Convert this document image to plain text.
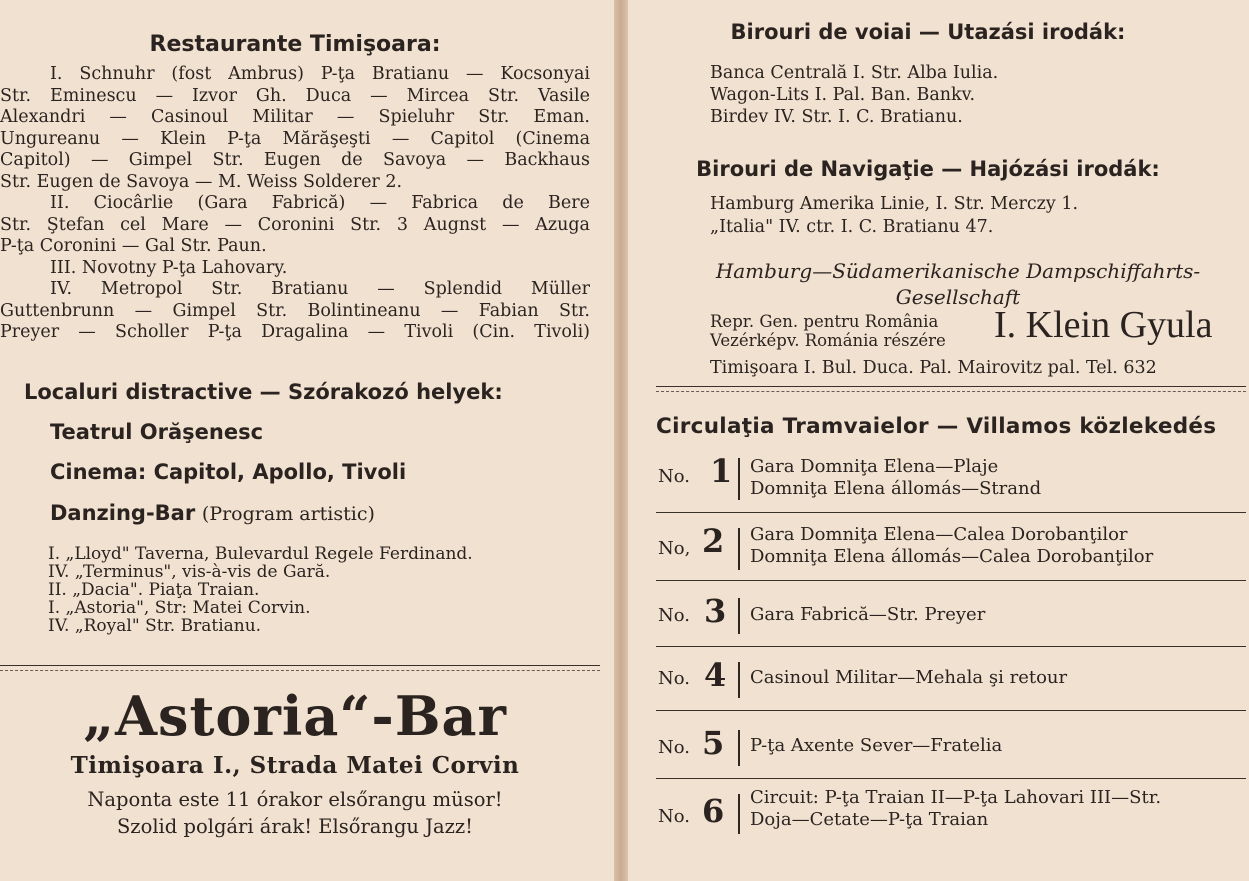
Restaurante Timişoara:
I. Schnuhr (fost Ambrus) P-ţa Bratianu — Kocsonyai
Str. Eminescu — Izvor Gh. Duca — Mircea Str. Vasile
Alexandri — Casinoul Militar — Spieluhr Str. Eman.
Ungureanu — Klein P-ţa Mărăşeşti — Capitol (Cinema
Capitol) — Gimpel Str. Eugen de Savoya — Backhaus
Str. Eugen de Savoya — M. Weiss Solderer 2.
II. Ciocârlie (Gara Fabrică) — Fabrica de Bere
Str. Ştefan cel Mare — Coronini Str. 3 Augnst — Azuga
P-ţa Coronini — Gal Str. Paun.
III. Novotny P-ţa Lahovary.
IV. Metropol Str. Bratianu — Splendid Müller
Guttenbrunn — Gimpel Str. Bolintineanu — Fabian Str.
Preyer — Scholler P-ţa Dragalina — Tivoli (Cin. Tivoli)
Localuri distractive — Szórakozó helyek:
Teatrul Orăşenesc
Cinema: Capitol, Apollo, Tivoli
Danzing-Bar (Program artistic)
I. „Lloyd" Taverna, Bulevardul Regele Ferdinand.
IV. „Terminus", vis-à-vis de Gară.
II. „Dacia". Piaţa Traian.
I. „Astoria", Str: Matei Corvin.
IV. „Royal" Str. Bratianu.
„Astoria“-Bar
Timişoara I., Strada Matei Corvin
Naponta este 11 órakor elsőrangu müsor!
Szolid polgári árak! Elsőrangu Jazz!
Birouri de voiai — Utazási irodák:
Banca Centrală I. Str. Alba Iulia.
Wagon-Lits I. Pal. Ban. Bankv.
Birdev IV. Str. I. C. Bratianu.
Birouri de Navigaţie — Hajózási irodák:
Hamburg Amerika Linie, I. Str. Merczy 1.
„Italia" IV. ctr. I. C. Bratianu 47.
Hamburg—Südamerikanische Dampschiffahrts-Gesellschaft
Repr. Gen. pentru România
Vezérképv. Románia részére I. Klein Gyula
Timişoara I. Bul. Duca. Pal. Mairovitz pal. Tel. 632
Circulaţia Tramvaielor — Villamos közlekedés
No. 1 Gara Domniţa Elena—Plaje
Domniţa Elena állomás—Strand
No, 2 Gara Domniţa Elena—Calea Dorobanţilor
Domniţa Elena állomás—Calea Dorobanţilor
No. 3 Gara Fabrică—Str. Preyer
No. 4 Casinoul Militar—Mehala şi retour
No. 5 P-ţa Axente Sever—Fratelia
No. 6 Circuit: P-ţa Traian II—P-ţa Lahovari III—Str.
Doja—Cetate—P-ţa Traian
